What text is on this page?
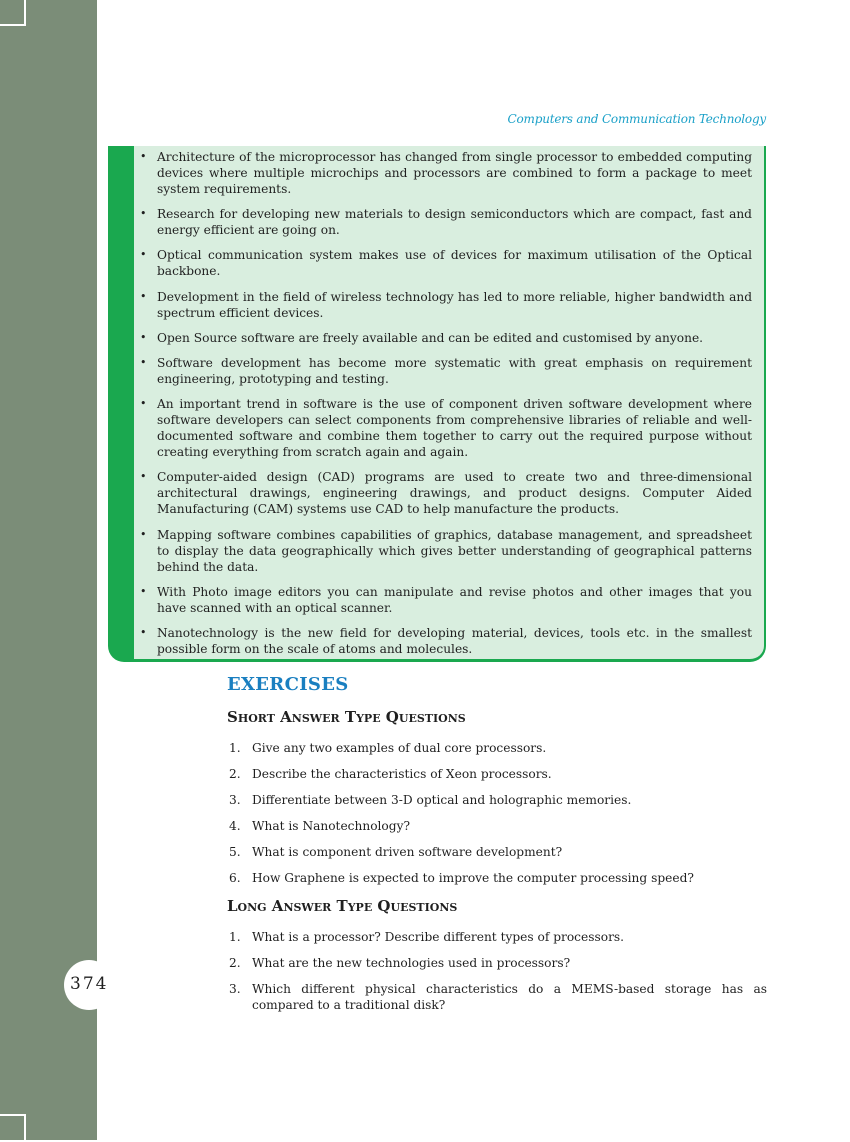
Computers and Communication Technology
• Architecture of the microprocessor has changed from single processor to embedded computing devices where multiple microchips and processors are combined to form a package to meet system requirements.
• Research for developing new materials to design semiconductors which are compact, fast and energy efficient are going on.
• Optical communication system makes use of devices for maximum utilisation of the Optical backbone.
• Development in the field of wireless technology has led to more reliable, higher bandwidth and spectrum efficient devices.
• Open Source software are freely available and can be edited and customised by anyone.
• Software development has become more systematic with great emphasis on requirement engineering, prototyping and testing.
• An important trend in software is the use of component driven software development where software developers can select components from comprehensive libraries of reliable and well-documented software and combine them together to carry out the required purpose without creating everything from scratch again and again.
• Computer-aided design (CAD) programs are used to create two and three-dimensional architectural drawings, engineering drawings, and product designs. Computer Aided Manufacturing (CAM) systems use CAD to help manufacture the products.
• Mapping software combines capabilities of graphics, database management, and spreadsheet to display the data geographically which gives better understanding of geographical patterns behind the data.
• With Photo image editors you can manipulate and revise photos and other images that you have scanned with an optical scanner.
• Nanotechnology is the new field for developing material, devices, tools etc. in the smallest possible form on the scale of atoms and molecules.
EXERCISES
Short Answer Type Questions
1. Give any two examples of dual core processors.
2. Describe the characteristics of Xeon processors.
3. Differentiate between 3-D optical and holographic memories.
4. What is Nanotechnology?
5. What is component driven software development?
6. How Graphene is expected to improve the computer processing speed?
Long Answer Type Questions
1. What is a processor? Describe different types of processors.
2. What are the new technologies used in processors?
3. Which different physical characteristics do a MEMS-based storage has as compared to a traditional disk?
374
